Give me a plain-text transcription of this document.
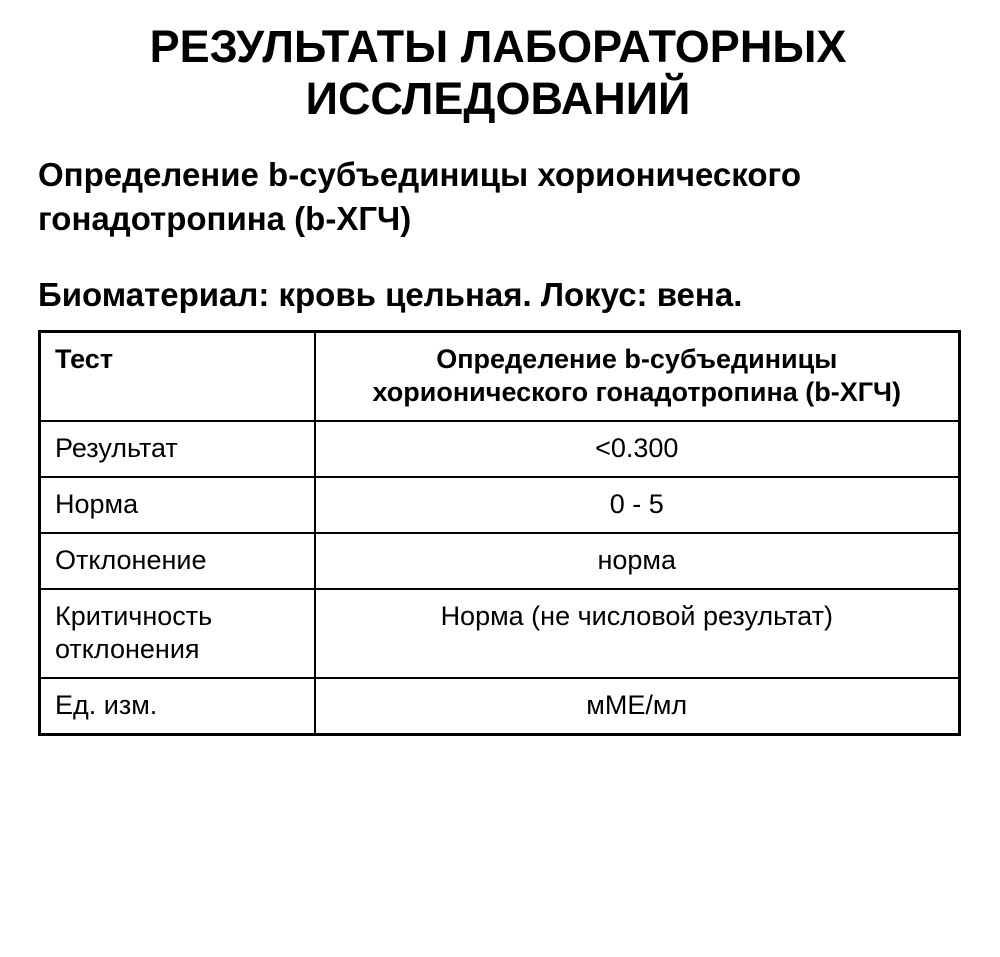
РЕЗУЛЬТАТЫ ЛАБОРАТОРНЫХ ИССЛЕДОВАНИЙ
Определение b-субъединицы хорионического гонадотропина (b-ХГЧ)
Биоматериал: кровь цельная. Локус: вена.
Тест	Определение b-субъединицы хорионического гонадотропина (b-ХГЧ)
Результат	<0.300
Норма	0 - 5
Отклонение	норма
Критичность отклонения	Норма (не числовой результат)
Ед. изм.	мМЕ/мл
